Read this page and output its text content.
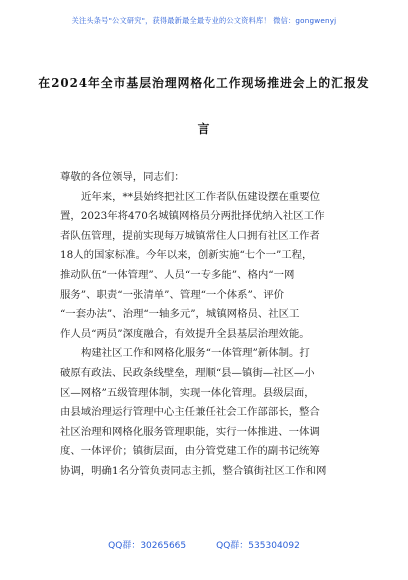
关注头条号"公文研究"，获得最新最全最专业的公文资料库！ 微信：gongwenyj
在2024年全市基层治理网格化工作现场推进会上的汇报发
言
尊敬的各位领导，同志们：
近年来，**县始终把社区工作者队伍建设摆在重要位
置，2023年将470名城镇网格员分两批择优纳入社区工作
者队伍管理，提前实现每万城镇常住人口拥有社区工作者
18人的国家标准。今年以来，创新实施“七个一”工程，
推动队伍“一体管理”、人员“一专多能”、格内“一网
服务”、职责“一张清单”、管理“一个体系”、评价
“一套办法”、治理“一轴多元”，城镇网格员、社区工
作人员“两员”深度融合，有效提升全县基层治理效能。
构建社区工作和网格化服务“一体管理”新体制。打
破原有政法、民政条线壁垒，理顺“县—镇街—社区—小
区—网格”五级管理体制，实现一体化管理。县级层面，
由县域治理运行管理中心主任兼任社会工作部部长，整合
社区治理和网格化服务管理职能，实行一体推进、一体调
度、一体评价；镇街层面，由分管党建工作的副书记统筹
协调，明确1名分管负责同志主抓，整合镇街社区工作和网
QQ群：30265665	QQ群：535304092
